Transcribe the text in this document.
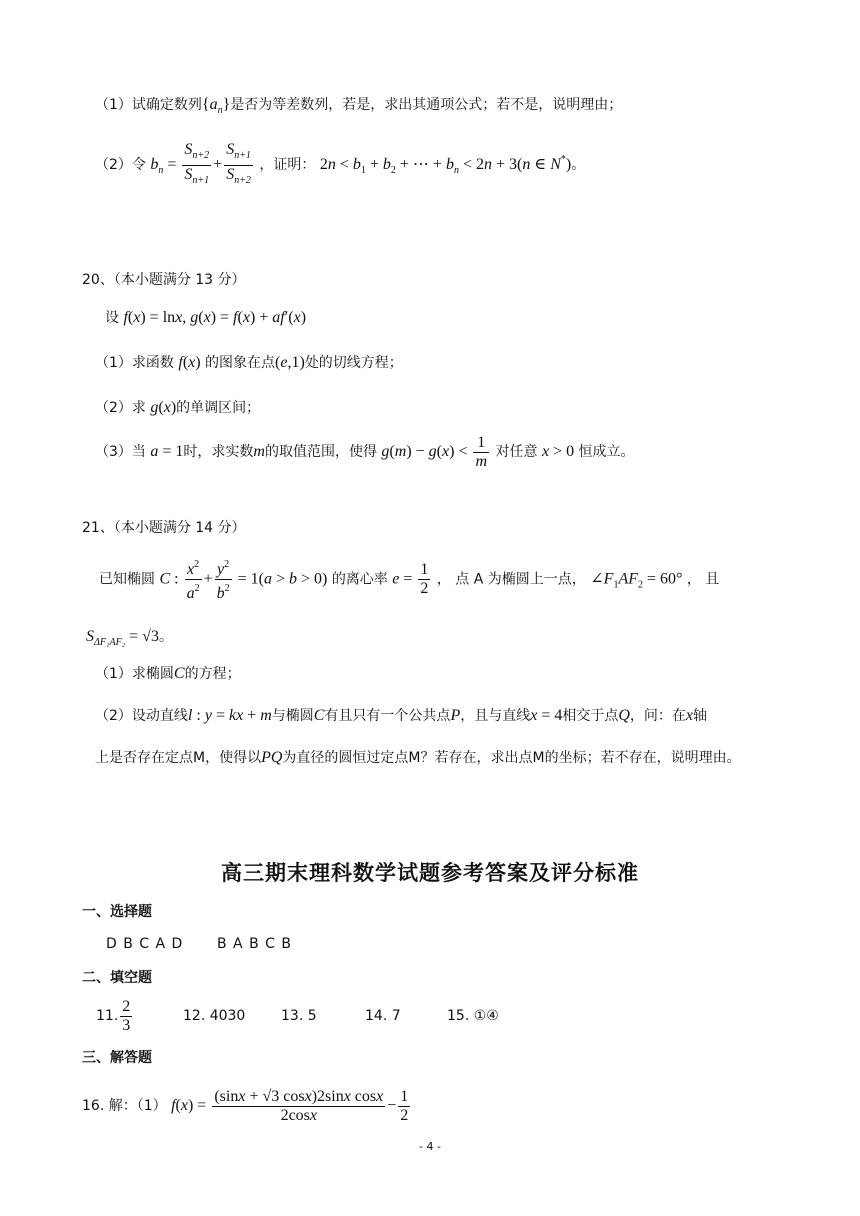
（1）试确定数列$\{a_n\}$是否为等差数列，若是，求出其通项公式；若不是，说明理由；
（2）令 $b_n = \frac{S_{n+2}}{S_{n+1}} + \frac{S_{n+1}}{S_{n+2}}$ ，证明： $2n < b_1 + b_2$ + ⋯ + $b_n < 2n + 3(n$ ∈ N*)。
20、（本小题满分 13 分）
设 f(x) = lnx, g(x) = f(x) + af′(x)
（1）求函数 f(x) 的图象在点(e,1)处的切线方程；
（2）求 g(x)的单调区间；
（3）当 a = 1时，求实数m的取值范围，使得 $g(m) - g(x) < \frac{1}{m}$ 对任意 x > 0 恒成立。
21、（本小题满分 14 分）
已知椭圆 C : $\frac{x^2}{a^2} + \frac{y^2}{b^2} = 1(a > b > 0)$ 的离心率 $e = \frac{1}{2}$ ， 点 A 为椭圆上一点， $\angle F_1AF_2 = 60^\circ$ ， 且
$S_{\Delta F_1AF_2} = √3$。
（1）求椭圆C的方程；
（2）设动直线l : y = kx + m与椭圆C有且只有一个公共点P，且与直线x = 4相交于点Q，问：在x轴
上是否存在定点M，使得以PQ为直径的圆恒过定点M？若存在，求出点M的坐标；若不存在，说明理由。
高三期末理科数学试题参考答案及评分标准
一、选择题
D B C A D B A B C B
二、填空题
11. $\frac{2}{3}$	12. 4030	13. 5	14. 7	15. ①④
三、解答题
16. 解：（1） $f(x) = \frac{\text{(sinx + √3 cosx)2sinx cosx}}{2\cos x} - \frac{1}{2}$
- 4 -
